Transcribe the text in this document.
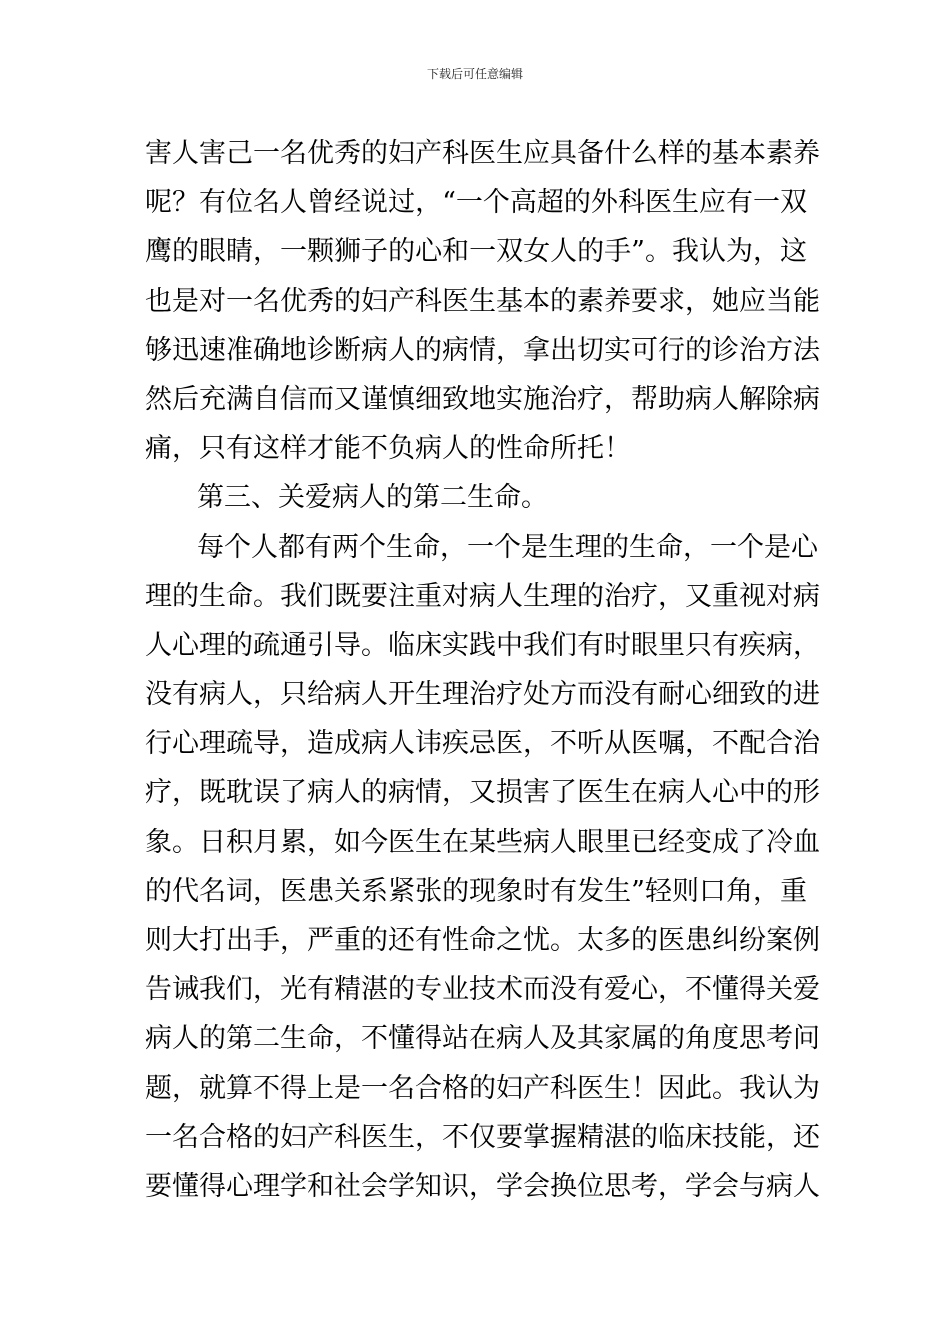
下载后可任意编辑
害人害己一名优秀的妇产科医生应具备什么样的基本素养
呢？有位名人曾经说过，“一个高超的外科医生应有一双
鹰的眼睛，一颗狮子的心和一双女人的手”。我认为，这
也是对一名优秀的妇产科医生基本的素养要求，她应当能
够迅速准确地诊断病人的病情，拿出切实可行的诊治方法
然后充满自信而又谨慎细致地实施治疗，帮助病人解除病
痛，只有这样才能不负病人的性命所托！
第三、关爱病人的第二生命。
每个人都有两个生命，一个是生理的生命，一个是心
理的生命。我们既要注重对病人生理的治疗，又重视对病
人心理的疏通引导。临床实践中我们有时眼里只有疾病，
没有病人，只给病人开生理治疗处方而没有耐心细致的进
行心理疏导，造成病人讳疾忌医，不听从医嘱，不配合治
疗，既耽误了病人的病情，又损害了医生在病人心中的形
象。日积月累，如今医生在某些病人眼里已经变成了冷血
的代名词，医患关系紧张的现象时有发生”轻则口角，重
则大打出手，严重的还有性命之忧。太多的医患纠纷案例
告诫我们，光有精湛的专业技术而没有爱心，不懂得关爱
病人的第二生命，不懂得站在病人及其家属的角度思考问
题，就算不得上是一名合格的妇产科医生！因此。我认为
一名合格的妇产科医生，不仅要掌握精湛的临床技能，还
要懂得心理学和社会学知识，学会换位思考，学会与病人
